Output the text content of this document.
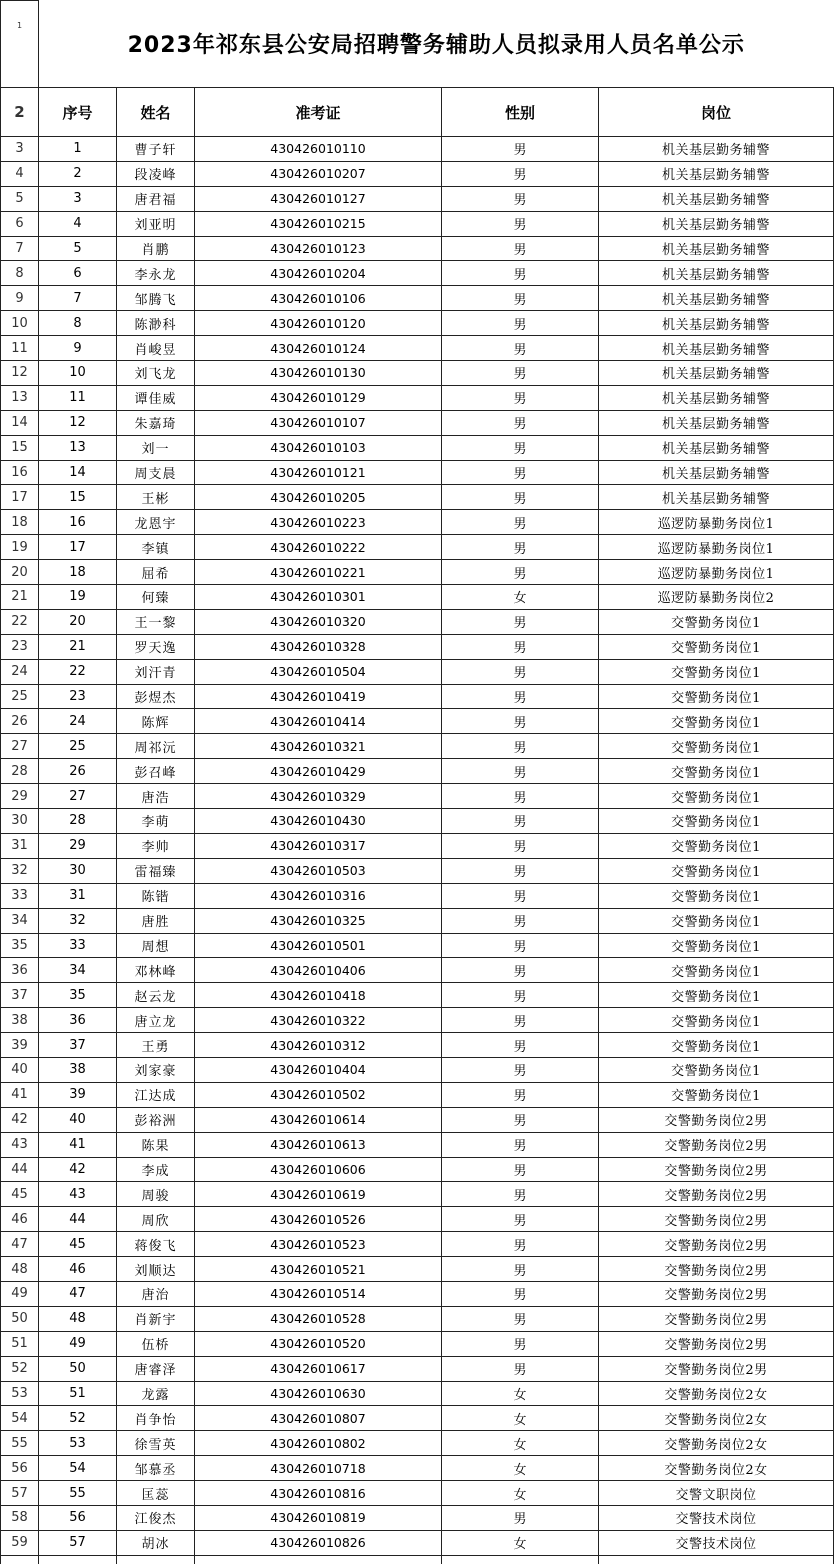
1	2023年祁东县公安局招聘警务辅助人员拟录用人员名单公示				
2	序号	姓名	准考证	性别	岗位
3	1	曹子轩	430426010110	男	机关基层勤务辅警
4	2	段凌峰	430426010207	男	机关基层勤务辅警
5	3	唐君福	430426010127	男	机关基层勤务辅警
6	4	刘亚明	430426010215	男	机关基层勤务辅警
7	5	肖鹏	430426010123	男	机关基层勤务辅警
8	6	李永龙	430426010204	男	机关基层勤务辅警
9	7	邹腾飞	430426010106	男	机关基层勤务辅警
10	8	陈渺科	430426010120	男	机关基层勤务辅警
11	9	肖峻昱	430426010124	男	机关基层勤务辅警
12	10	刘飞龙	430426010130	男	机关基层勤务辅警
13	11	谭佳威	430426010129	男	机关基层勤务辅警
14	12	朱嘉琦	430426010107	男	机关基层勤务辅警
15	13	刘一	430426010103	男	机关基层勤务辅警
16	14	周支晨	430426010121	男	机关基层勤务辅警
17	15	王彬	430426010205	男	机关基层勤务辅警
18	16	龙恩宇	430426010223	男	巡逻防暴勤务岗位1
19	17	李镇	430426010222	男	巡逻防暴勤务岗位1
20	18	屈希	430426010221	男	巡逻防暴勤务岗位1
21	19	何臻	430426010301	女	巡逻防暴勤务岗位2
22	20	王一黎	430426010320	男	交警勤务岗位1
23	21	罗天逸	430426010328	男	交警勤务岗位1
24	22	刘汗青	430426010504	男	交警勤务岗位1
25	23	彭煜杰	430426010419	男	交警勤务岗位1
26	24	陈辉	430426010414	男	交警勤务岗位1
27	25	周祁沅	430426010321	男	交警勤务岗位1
28	26	彭召峰	430426010429	男	交警勤务岗位1
29	27	唐浩	430426010329	男	交警勤务岗位1
30	28	李萌	430426010430	男	交警勤务岗位1
31	29	李帅	430426010317	男	交警勤务岗位1
32	30	雷福臻	430426010503	男	交警勤务岗位1
33	31	陈锴	430426010316	男	交警勤务岗位1
34	32	唐胜	430426010325	男	交警勤务岗位1
35	33	周想	430426010501	男	交警勤务岗位1
36	34	邓林峰	430426010406	男	交警勤务岗位1
37	35	赵云龙	430426010418	男	交警勤务岗位1
38	36	唐立龙	430426010322	男	交警勤务岗位1
39	37	王勇	430426010312	男	交警勤务岗位1
40	38	刘家豪	430426010404	男	交警勤务岗位1
41	39	江达成	430426010502	男	交警勤务岗位1
42	40	彭裕洲	430426010614	男	交警勤务岗位2男
43	41	陈果	430426010613	男	交警勤务岗位2男
44	42	李成	430426010606	男	交警勤务岗位2男
45	43	周骏	430426010619	男	交警勤务岗位2男
46	44	周欣	430426010526	男	交警勤务岗位2男
47	45	蒋俊飞	430426010523	男	交警勤务岗位2男
48	46	刘顺达	430426010521	男	交警勤务岗位2男
49	47	唐治	430426010514	男	交警勤务岗位2男
50	48	肖新宇	430426010528	男	交警勤务岗位2男
51	49	伍桥	430426010520	男	交警勤务岗位2男
52	50	唐睿泽	430426010617	男	交警勤务岗位2男
53	51	龙露	430426010630	女	交警勤务岗位2女
54	52	肖争怡	430426010807	女	交警勤务岗位2女
55	53	徐雪英	430426010802	女	交警勤务岗位2女
56	54	邹慕丞	430426010718	女	交警勤务岗位2女
57	55	匡蕊	430426010816	女	交警文职岗位
58	56	江俊杰	430426010819	男	交警技术岗位
59	57	胡冰	430426010826	女	交警技术岗位
